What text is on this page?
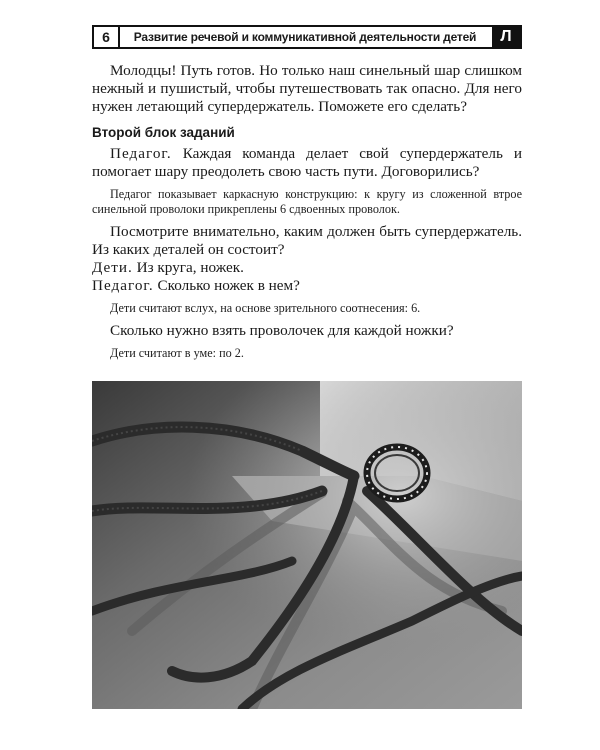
6	Развитие речевой и коммуникативной деятельности детей	Л

Молодцы! Путь готов. Но только наш синельный шар слишком нежный и пушистый, чтобы путешествовать так опасно. Для него нужен летающий супердержатель. Поможете его сделать?

Второй блок заданий

Педагог. Каждая команда делает свой супердержатель и помогает шару преодолеть свою часть пути. Договорились?

Педагог показывает каркасную конструкцию: к кругу из сложенной втрое синельной проволоки прикреплены 6 сдвоенных проволок.

Посмотрите внимательно, каким должен быть супердержатель. Из каких деталей он состоит?

Дети. Из круга, ножек.

Педагог. Сколько ножек в нем?

Дети считают вслух, на основе зрительного соотнесения: 6.

Сколько нужно взять проволочек для каждой ножки?

Дети считают в уме: по 2.
